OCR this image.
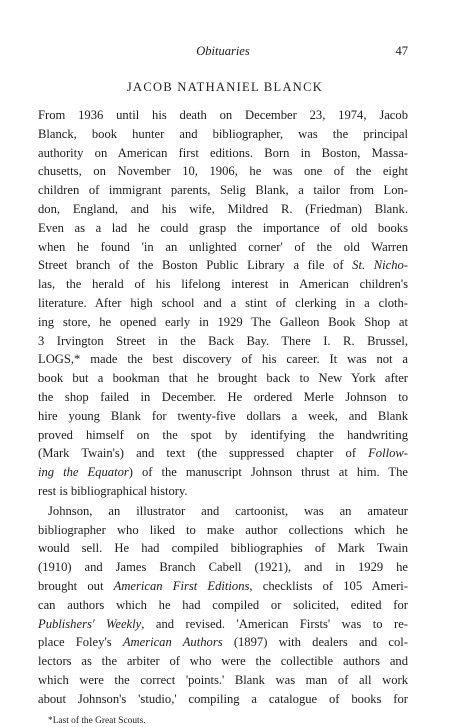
Obituaries	47
JACOB NATHANIEL BLANCK
From 1936 until his death on December 23, 1974, Jacob
Blanck, book hunter and bibliographer, was the principal
authority on American first editions. Born in Boston, Massa-
chusetts, on November 10, 1906, he was one of the eight
children of immigrant parents, Selig Blank, a tailor from Lon-
don, England, and his wife, Mildred R. (Friedman) Blank.
Even as a lad he could grasp the importance of old books
when he found 'in an unlighted corner' of the old Warren
Street branch of the Boston Public Library a file of St. Nicho-
las, the herald of his lifelong interest in American children's
literature. After high school and a stint of clerking in a cloth-
ing store, he opened early in 1929 The Galleon Book Shop at
3 Irvington Street in the Back Bay. There I. R. Brussel,
LOGS,* made the best discovery of his career. It was not a
book but a bookman that he brought back to New York after
the shop failed in December. He ordered Merle Johnson to
hire young Blank for twenty-five dollars a week, and Blank
proved himself on the spot by identifying the handwriting
(Mark Twain's) and text (the suppressed chapter of Follow-
ing the Equator) of the manuscript Johnson thrust at him. The
rest is bibliographical history.
Johnson, an illustrator and cartoonist, was an amateur
bibliographer who liked to make author collections which he
would sell. He had compiled bibliographies of Mark Twain
(1910) and James Branch Cabell (1921), and in 1929 he
brought out American First Editions, checklists of 105 Ameri-
can authors which he had compiled or solicited, edited for
Publishers' Weekly, and revised. 'American Firsts' was to re-
place Foley's American Authors (1897) with dealers and col-
lectors as the arbiter of who were the collectible authors and
which were the correct 'points.' Blank was man of all work
about Johnson's 'studio,' compiling a catalogue of books for
*Last of the Great Scouts.
